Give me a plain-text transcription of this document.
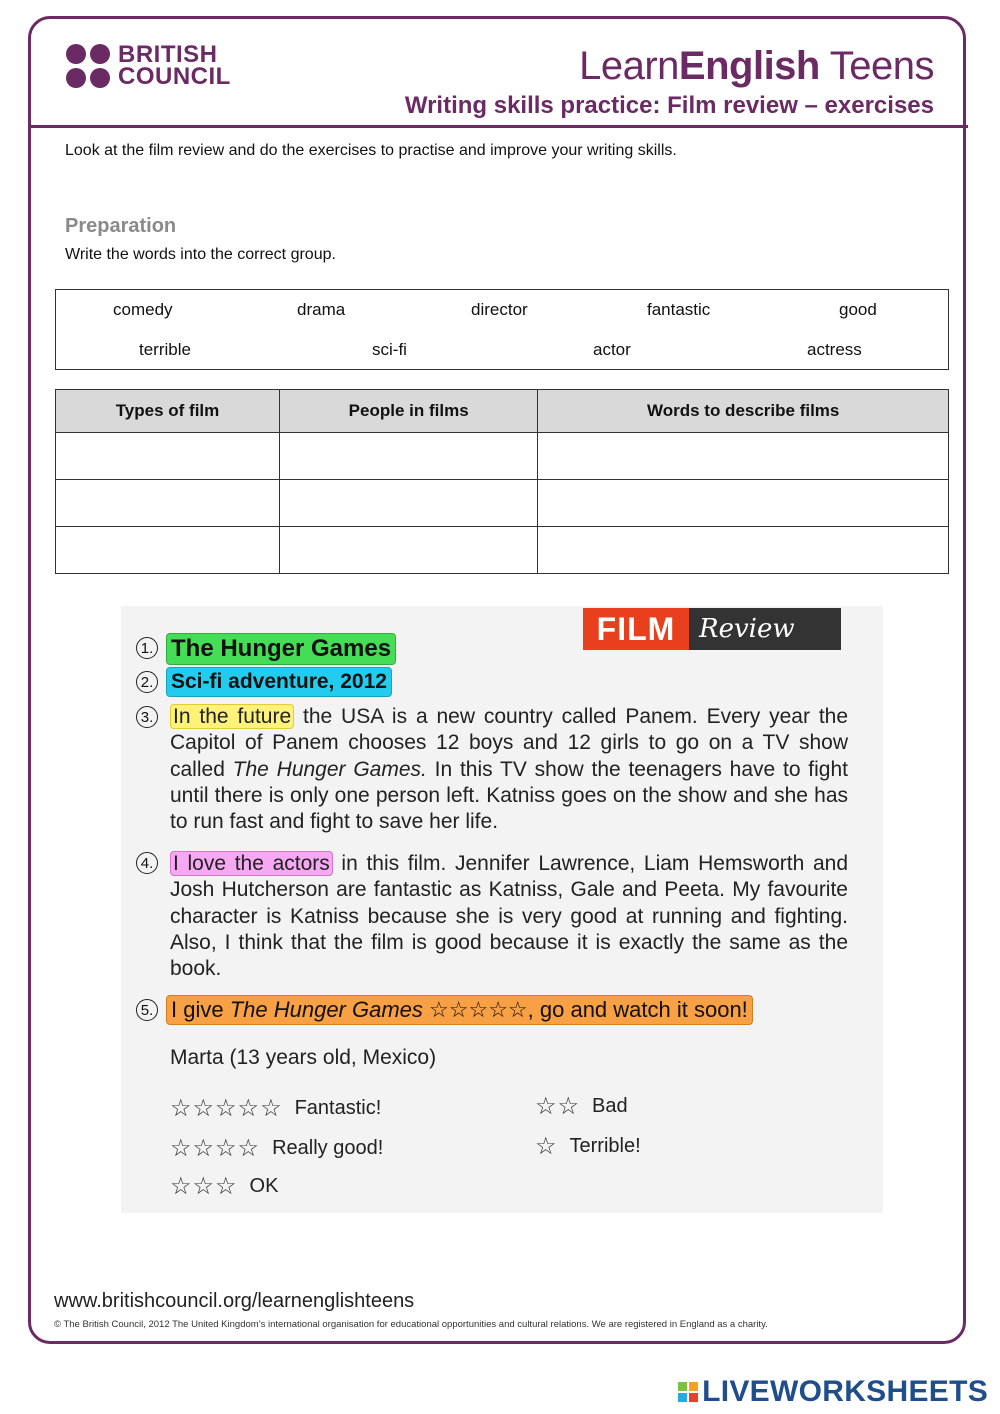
BRITISH
COUNCIL	LearnEnglish Teens
Writing skills practice: Film review – exercises
Look at the film review and do the exercises to practise and improve your writing skills.
Preparation
Write the words into the correct group.
comedy	drama	director	fantastic	good
terrible	sci-fi	actor	actress
Types of film	People in films	Words to describe films

FILM Review
1. The Hunger Games
2. Sci-fi adventure, 2012
3. In the future the USA is a new country called Panem. Every year the Capitol of Panem chooses 12 boys and 12 girls to go on a TV show called The Hunger Games. In this TV show the teenagers have to fight until there is only one person left. Katniss goes on the show and she has to run fast and fight to save her life.

4. I love the actors in this film. Jennifer Lawrence, Liam Hemsworth and Josh Hutcherson are fantastic as Katniss, Gale and Peeta. My favourite character is Katniss because she is very good at running and fighting. Also, I think that the film is good because it is exactly the same as the book.

5. I give The Hunger Games ☆☆☆☆☆, go and watch it soon!
Marta (13 years old, Mexico)
☆☆☆☆☆ Fantastic!
☆☆☆☆ Really good!
☆☆☆ OK
☆☆ Bad
☆ Terrible!
www.britishcouncil.org/learnenglishteens
© The British Council, 2012 The United Kingdom’s international organisation for educational opportunities and cultural relations. We are registered in England as a charity.
LIVEWORKSHEETS
